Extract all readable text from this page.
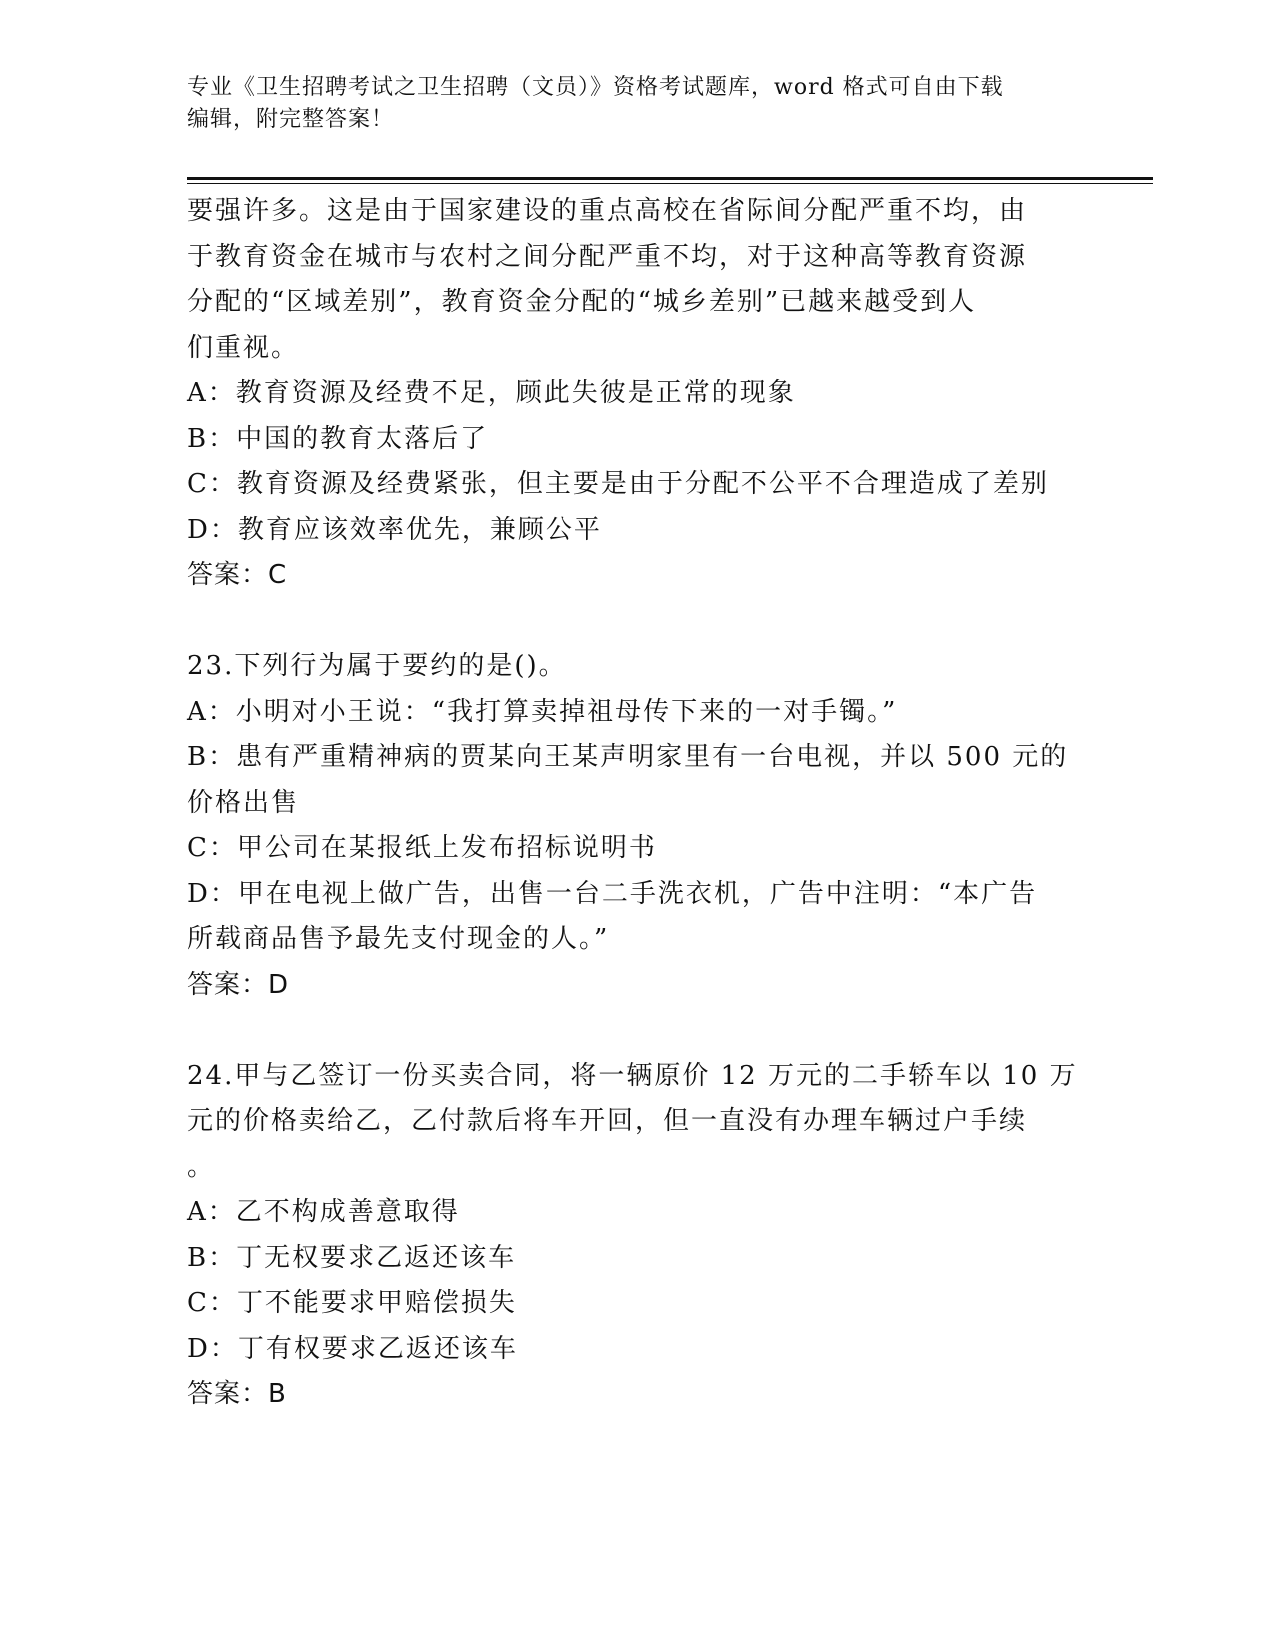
专业《卫生招聘考试之卫生招聘（文员）》资格考试题库，word 格式可自由下载
编辑，附完整答案！
要强许多。这是由于国家建设的重点高校在省际间分配严重不均，由
于教育资金在城市与农村之间分配严重不均，对于这种高等教育资源
分配的“区域差别”，教育资金分配的“城乡差别”已越来越受到人
们重视。
A：教育资源及经费不足，顾此失彼是正常的现象
B：中国的教育太落后了
C：教育资源及经费紧张，但主要是由于分配不公平不合理造成了差别
D：教育应该效率优先，兼顾公平
答案：C
23.下列行为属于要约的是()。
A：小明对小王说：“我打算卖掉祖母传下来的一对手镯。”
B：患有严重精神病的贾某向王某声明家里有一台电视，并以 500 元的
价格出售
C：甲公司在某报纸上发布招标说明书
D：甲在电视上做广告，出售一台二手洗衣机，广告中注明：“本广告
所载商品售予最先支付现金的人。”
答案：D
24.甲与乙签订一份买卖合同，将一辆原价 12 万元的二手轿车以 10 万
元的价格卖给乙，乙付款后将车开回，但一直没有办理车辆过户手续
。
A：乙不构成善意取得
B：丁无权要求乙返还该车
C：丁不能要求甲赔偿损失
D：丁有权要求乙返还该车
答案：B
